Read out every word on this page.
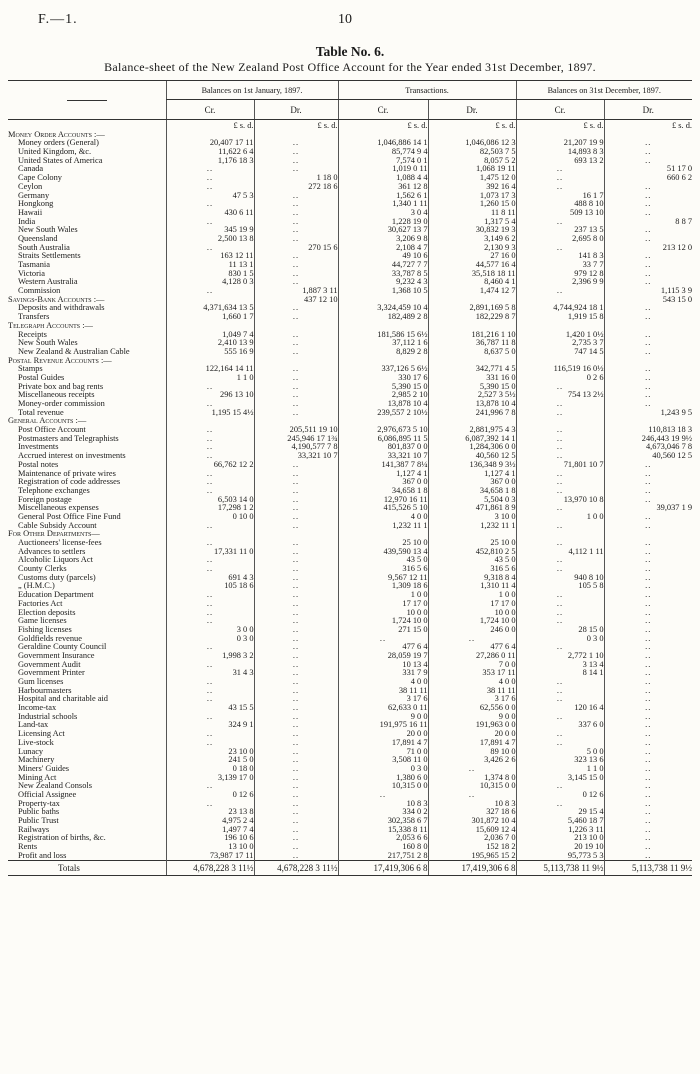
F.—1.	10
Table No. 6.
Balance-sheet of the New Zealand Post Office Account for the Year ended 31st December, 1897.
	Balances on 1st January, 1897.		Transactions.		Balances on 31st December, 1897.	
	Cr.	Dr.	Cr.	Dr.	Cr.	Dr.
	£ s. d.	£ s. d.	£ s. d.	£ s. d.	£ s. d.	£ s. d.
Money Order Accounts :—						
Money orders (General)	20,407 17 11	..	1,046,886 14 1	1,046,086 12 3	21,207 19 9	..
United Kingdom, &c.	11,622 6 4	..	85,774 9 4	82,503 7 5	14,893 8 3	..
United States of America	1,176 18 3	..	7,574 0 1	8,057 5 2	693 13 2	..
Canada	..	..	1,019 0 11	1,068 19 11	..	51 17 0
Cape Colony	..	1 18 0	1,088 4 4	1,475 12 0	..	660 6 2
Ceylon	..	272 18 6	361 12 8	392 16 4	..	..
Germany	47 5 3	..	1,562 6 1	1,073 17 3	16 1 7	..
Hongkong	..	..	1,340 1 11	1,260 15 0	488 8 10	..
Hawaii	430 6 11	..	3 0 4	11 8 11	509 13 10	..
India	..	..	1,228 19 0	1,317 5 4	..	8 8 7
New South Wales	345 19 9	..	30,627 13 7	30,832 19 3	237 13 5	..
Queensland	2,500 13 8	..	3,206 9 8	3,149 6 2	2,695 8 0	..
South Australia	..	270 15 6	2,108 4 7	2,130 9 3	..	213 12 0
Straits Settlements	163 12 11	..	49 10 6	27 16 0	141 8 3	..
Tasmania	11 13 1	..	44,727 7 7	44,577 16 4	33 7 7	..
Victoria	830 1 5	..	33,787 8 5	35,518 18 11	979 12 8	..
Western Australia	4,128 0 3	..	9,232 4 3	8,460 4 1	2,396 9 9	..
Commission	..	1,887 3 11	1,368 10 5	1,474 12 7	..	1,115 3 9
Savings-Bank Accounts :—		437 12 10				543 15 0
Deposits and withdrawals	4,371,634 13 5	..	3,324,459 10 4	2,891,169 5 8	4,744,924 18 1	..
Transfers	1,660 1 7	..	182,489 2 8	182,229 8 7	1,919 15 8	..
Telegraph Accounts :—						
Receipts	1,049 7 4	..	181,586 15 6½	181,216 1 10	1,420 1 0½	..
New South Wales	2,410 13 9	..	37,112 1 6	36,787 11 8	2,735 3 7	..
New Zealand & Australian Cable	555 16 9	..	8,829 2 8	8,637 5 0	747 14 5	..
Postal Revenue Accounts :—						
Stamps	122,164 14 11	..	337,126 5 6½	342,771 4 5	116,519 16 0½	..
Postal Guides	1 1 0	..	330 17 6	331 16 0	0 2 6	..
Private box and bag rents	..	..	5,390 15 0	5,390 15 0	..	..
Miscellaneous receipts	296 13 10	..	2,985 2 10	2,527 3 5½	754 13 2½	..
Money-order commission	..	..	13,878 10 4	13,878 10 4	..	..
Total revenue	1,195 15 4½	..	239,557 2 10½	241,996 7 8	..	1,243 9 5
General Accounts :—						
Post Office Account	..	205,511 19 10	2,976,673 5 10	2,881,975 4 3	..	110,813 18 3
Postmasters and Telegraphists	..	245,946 17 1¾	6,086,895 11 5	6,087,392 14 1	..	246,443 19 9½
Investments	..	4,190,577 7 8	801,837 0 0	1,284,306 0 0	..	4,673,046 7 8
Accrued interest on investments	..	33,321 10 7	33,321 10 7	40,560 12 5	..	40,560 12 5
Postal notes	66,762 12 2	..	141,387 7 8¼	136,348 9 3½	71,801 10 7	..
Maintenance of private wires	..	..	1,127 4 1	1,127 4 1	..	..
Registration of code addresses	..	..	367 0 0	367 0 0	..	..
Telephone exchanges	..	..	34,658 1 8	34,658 1 8	..	..
Foreign postage	6,503 14 0	..	12,970 16 11	5,504 0 3	13,970 10 8	..
Miscellaneous expenses	17,298 1 2	..	415,526 5 10	471,861 8 9	..	39,037 1 9
General Post Office Fine Fund	0 10 0	..	4 0 0	3 10 0	1 0 0	..
Cable Subsidy Account	..	..	1,232 11 1	1,232 11 1	..	..
For Other Departments—						
Auctioneers' license-fees	..	..	25 10 0	25 10 0	..	..
Advances to settlers	17,331 11 0	..	439,590 13 4	452,810 2 5	4,112 1 11	..
Alcoholic Liquors Act	..	..	43 5 0	43 5 0	..	..
County Clerks	..	..	316 5 6	316 5 6	..	..
Customs duty (parcels)	691 4 3	..	9,567 12 11	9,318 8 4	940 8 10	..
„ (H.M.C.)	105 18 6	..	1,309 18 6	1,310 11 4	105 5 8	..
Education Department	..	..	1 0 0	1 0 0	..	..
Factories Act	..	..	17 17 0	17 17 0	..	..
Election deposits	..	..	10 0 0	10 0 0	..	..
Game licenses	..	..	1,724 10 0	1,724 10 0	..	..
Fishing licenses	3 0 0	..	271 15 0	246 0 0	28 15 0	..
Goldfields revenue	0 3 0	..	..	..	0 3 0	..
Geraldine County Council	..	..	477 6 4	477 6 4	..	..
Government Insurance	1,998 3 2	..	28,059 19 7	27,286 0 11	2,772 1 10	..
Government Audit	..	..	10 13 4	7 0 0	3 13 4	..
Government Printer	31 4 3	..	331 7 9	353 17 11	8 14 1	..
Gum licenses	..	..	4 0 0	4 0 0	..	..
Harbourmasters	..	..	38 11 11	38 11 11	..	..
Hospital and charitable aid	..	..	3 17 6	3 17 6	..	..
Income-tax	43 15 5	..	62,633 0 11	62,556 0 0	120 16 4	..
Industrial schools	..	..	9 0 0	9 0 0	..	..
Land-tax	324 9 1	..	191,975 16 11	191,963 0 0	337 6 0	..
Licensing Act	..	..	20 0 0	20 0 0	..	..
Live-stock	..	..	17,891 4 7	17,891 4 7	..	..
Lunacy	23 10 0	..	71 0 0	89 10 0	5 0 0	..
Machinery	241 5 0	..	3,508 11 0	3,426 2 6	323 13 6	..
Miners' Guides	0 18 0	..	0 3 0	..	1 1 0	..
Mining Act	3,139 17 0	..	1,380 6 0	1,374 8 0	3,145 15 0	..
New Zealand Consols	..	..	10,315 0 0	10,315 0 0	..	..
Official Assignee	0 12 6	..	..	..	0 12 6	..
Property-tax	..	..	10 8 3	10 8 3	..	..
Public baths	23 13 8	..	334 0 2	327 18 6	29 15 4	..
Public Trust	4,975 2 4	..	302,358 6 7	301,872 10 4	5,460 18 7	..
Railways	1,497 7 4	..	15,338 8 11	15,609 12 4	1,226 3 11	..
Registration of births, &c.	196 10 6	..	2,053 6 6	2,036 7 0	213 10 0	..
Rents	13 10 0	..	160 8 0	152 18 2	20 19 10	..
Profit and loss	73,987 17 11	..	217,751 2 8	195,965 15 2	95,773 5 3	..
Totals	4,678,228 3 11½	4,678,228 3 11½	17,419,306 6 8	17,419,306 6 8	5,113,738 11 9½	5,113,738 11 9½
